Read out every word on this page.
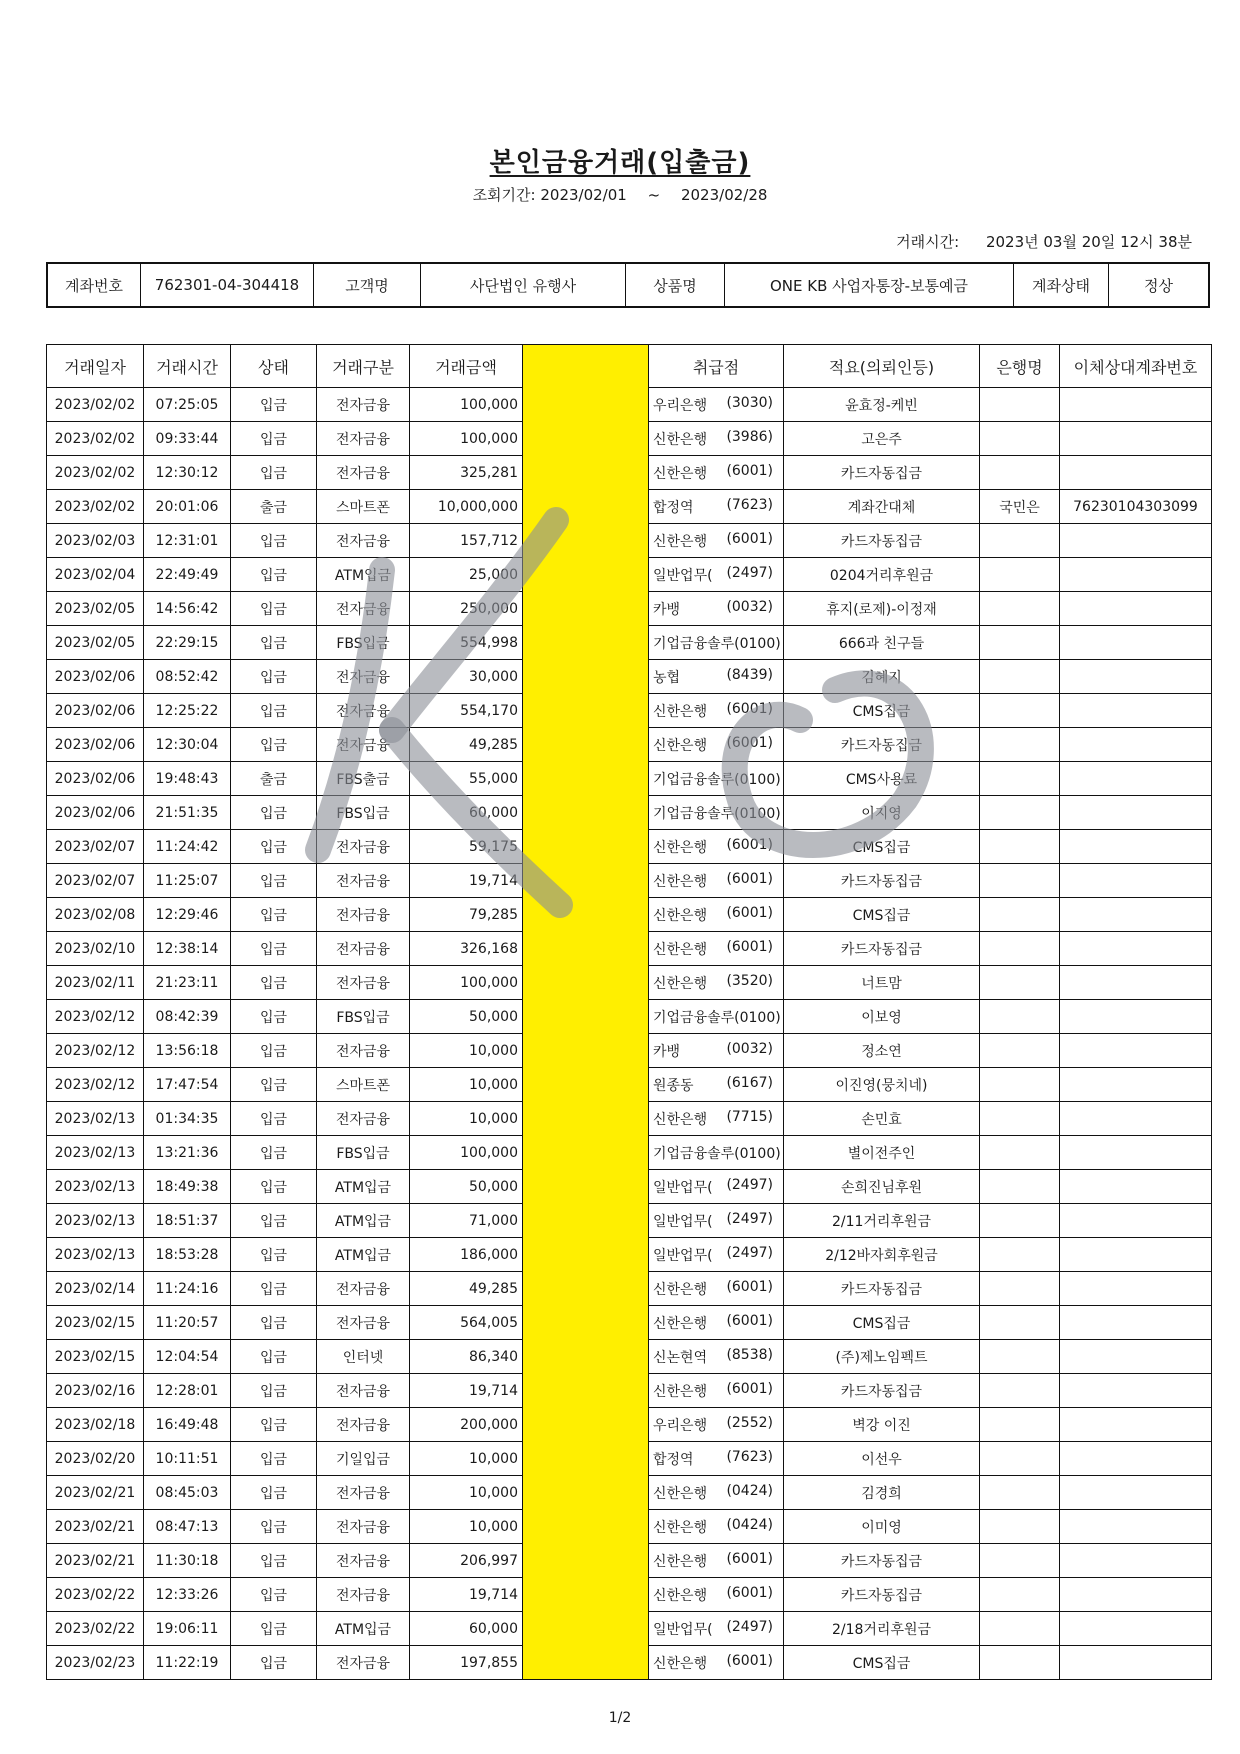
본인금융거래(입출금)
조회기간: 2023/02/01 ~ 2023/02/28
거래시간: 2023년 03월 20일 12시 38분
계좌번호	762301-04-304418	고객명	사단법인 유행사	상품명	ONE KB 사업자통장-보통예금	계좌상태	정상
거래일자	거래시간	상태	거래구분	거래금액		취급점	적요(의뢰인등)	은행명	이체상대계좌번호
2023/02/02	07:25:05	입금	전자금융	100,000		우리은행 (3030)	윤효정-케빈		
2023/02/02	09:33:44	입금	전자금융	100,000		신한은행 (3986)	고은주		
2023/02/02	12:30:12	입금	전자금융	325,281		신한은행 (6001)	카드자동집금		
2023/02/02	20:01:06	출금	스마트폰	10,000,000		합정역 (7623)	계좌간대체	국민은	76230104303099
2023/02/03	12:31:01	입금	전자금융	157,712		신한은행 (6001)	카드자동집금		
2023/02/04	22:49:49	입금	ATM입금	25,000		일반업무( (2497)	0204거리후원금		
2023/02/05	14:56:42	입금	전자금융	250,000		카뱅 (0032)	휴지(로제)-이정재		
2023/02/05	22:29:15	입금	FBS입금	554,998		기업금융솔루(0100)	666과 친구들		
2023/02/06	08:52:42	입금	전자금융	30,000		농협 (8439)	김혜지		
2023/02/06	12:25:22	입금	전자금융	554,170		신한은행 (6001)	CMS집금		
2023/02/06	12:30:04	입금	전자금융	49,285		신한은행 (6001)	카드자동집금		
2023/02/06	19:48:43	출금	FBS출금	55,000		기업금융솔루(0100)	CMS사용료		
2023/02/06	21:51:35	입금	FBS입금	60,000		기업금융솔루(0100)	이지영		
2023/02/07	11:24:42	입금	전자금융	59,175		신한은행 (6001)	CMS집금		
2023/02/07	11:25:07	입금	전자금융	19,714		신한은행 (6001)	카드자동집금		
2023/02/08	12:29:46	입금	전자금융	79,285		신한은행 (6001)	CMS집금		
2023/02/10	12:38:14	입금	전자금융	326,168		신한은행 (6001)	카드자동집금		
2023/02/11	21:23:11	입금	전자금융	100,000		신한은행 (3520)	너트맘		
2023/02/12	08:42:39	입금	FBS입금	50,000		기업금융솔루(0100)	이보영		
2023/02/12	13:56:18	입금	전자금융	10,000		카뱅 (0032)	정소연		
2023/02/12	17:47:54	입금	스마트폰	10,000		원종동 (6167)	이진영(뭉치네)		
2023/02/13	01:34:35	입금	전자금융	10,000		신한은행 (7715)	손민효		
2023/02/13	13:21:36	입금	FBS입금	100,000		기업금융솔루(0100)	별이전주인		
2023/02/13	18:49:38	입금	ATM입금	50,000		일반업무( (2497)	손희진님후원		
2023/02/13	18:51:37	입금	ATM입금	71,000		일반업무( (2497)	2/11거리후원금		
2023/02/13	18:53:28	입금	ATM입금	186,000		일반업무( (2497)	2/12바자회후원금		
2023/02/14	11:24:16	입금	전자금융	49,285		신한은행 (6001)	카드자동집금		
2023/02/15	11:20:57	입금	전자금융	564,005		신한은행 (6001)	CMS집금		
2023/02/15	12:04:54	입금	인터넷	86,340		신논현역 (8538)	(주)제노임펙트		
2023/02/16	12:28:01	입금	전자금융	19,714		신한은행 (6001)	카드자동집금		
2023/02/18	16:49:48	입금	전자금융	200,000		우리은행 (2552)	벽강 이진		
2023/02/20	10:11:51	입금	기일입금	10,000		합정역 (7623)	이선우		
2023/02/21	08:45:03	입금	전자금융	10,000		신한은행 (0424)	김경희		
2023/02/21	08:47:13	입금	전자금융	10,000		신한은행 (0424)	이미영		
2023/02/21	11:30:18	입금	전자금융	206,997		신한은행 (6001)	카드자동집금		
2023/02/22	12:33:26	입금	전자금융	19,714		신한은행 (6001)	카드자동집금		
2023/02/22	19:06:11	입금	ATM입금	60,000		일반업무( (2497)	2/18거리후원금		
2023/02/23	11:22:19	입금	전자금융	197,855		신한은행 (6001)	CMS집금		
1/2
